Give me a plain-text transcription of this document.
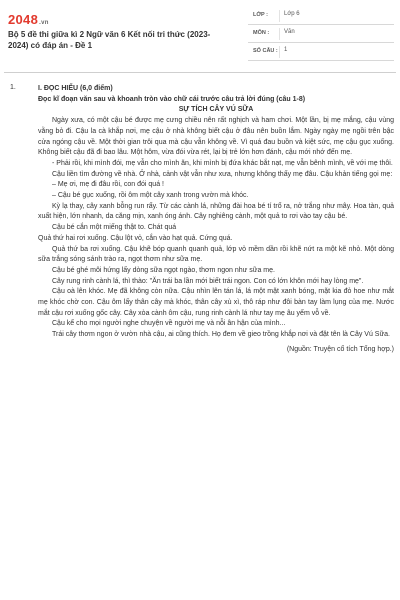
2048.vn
Bộ 5 đề thi giữa kì 2 Ngữ văn 6 Kết nối tri thức (2023-2024) có đáp án - Đề 1
LỚP :	Lớp 6
MÔN : Văn
SỐ CÂU : 1
1.	I. ĐỌC HIỂU (6,0 điểm)

Đọc kĩ đoạn văn sau và khoanh tròn vào chữ cái trước câu trả lời đúng (câu 1-8)

SỰ TÍCH CÂY VÚ SỮA

Ngày xưa, có một cậu bé được mẹ cưng chiều nên rất nghịch và ham chơi. Một lần, bị mẹ mắng, cậu vùng vằng bỏ đi. Cậu la cà khắp nơi, mẹ cậu ở nhà không biết cậu ở đâu nên buồn lắm. Ngày ngày mẹ ngồi trên bậc cửa ngóng cậu về. Một thời gian trôi qua mà cậu vẫn không về. Vì quá đau buồn và kiệt sức, mẹ cậu gục xuống. Không biết cậu đã đi bao lâu. Một hôm, vừa đói vừa rét, lại bị trẻ lớn hơn đánh, cậu mới nhớ đến mẹ.

- Phải rồi, khi mình đói, mẹ vẫn cho mình ăn, khi mình bị đứa khác bắt nạt, mẹ vẫn bênh mình, về với mẹ thôi.

Cậu liền tìm đường về nhà. Ở nhà, cảnh vật vẫn như xưa, nhưng không thấy mẹ đâu. Cậu khản tiếng gọi mẹ:

– Mẹ ơi, mẹ đi đâu rồi, con đói quá !

– Cậu bé gục xuống, rồi ôm một cây xanh trong vườn mà khóc.

Kỳ lạ thay, cây xanh bỗng run rẩy. Từ các cành lá, những đài hoa bé tí trổ ra, nở trắng như mây. Hoa tàn, quả xuất hiện, lớn nhanh, da căng mịn, xanh óng ánh. Cây nghiêng cành, một quả to rơi vào tay cậu bé.

Cậu bé cắn một miếng thật to. Chát quá

Quả thứ hai rơi xuống. Cậu lột vỏ, cắn vào hạt quả. Cứng quá.

Quả thứ ba rơi xuống. Cậu khẽ bóp quanh quanh quả, lớp vỏ mềm dần rồi khẽ nứt ra một kẽ nhỏ. Một dòng sữa trắng sóng sánh trào ra, ngọt thơm như sữa mẹ.

Cậu bé ghé môi hứng lấy dòng sữa ngọt ngào, thơm ngon như sữa mẹ.

Cây rung rinh cành lá, thì thào: "Ăn trái ba lần mới biết trái ngon. Con có lớn khôn mới hay lòng mẹ".

Cậu oà lên khóc. Mẹ đã không còn nữa. Cậu nhìn lên tán lá, lá một mặt xanh bóng, mặt kia đỏ hoe như mắt mẹ khóc chờ con. Cậu ôm lấy thân cây mà khóc, thân cây xù xì, thô ráp như đôi bàn tay làm lụng của mẹ. Nước mắt cậu rơi xuống gốc cây. Cây xòa cành ôm cậu, rung rinh cành lá như tay mẹ âu yếm vỗ về.

Cậu kể cho mọi người nghe chuyện về người mẹ và nỗi ân hận của mình...

Trái cây thơm ngon ở vườn nhà cậu, ai cũng thích. Họ đem về gieo trồng khắp nơi và đặt tên là Cây Vú Sữa.

(Nguồn: Truyện cổ tích Tổng hợp.)
